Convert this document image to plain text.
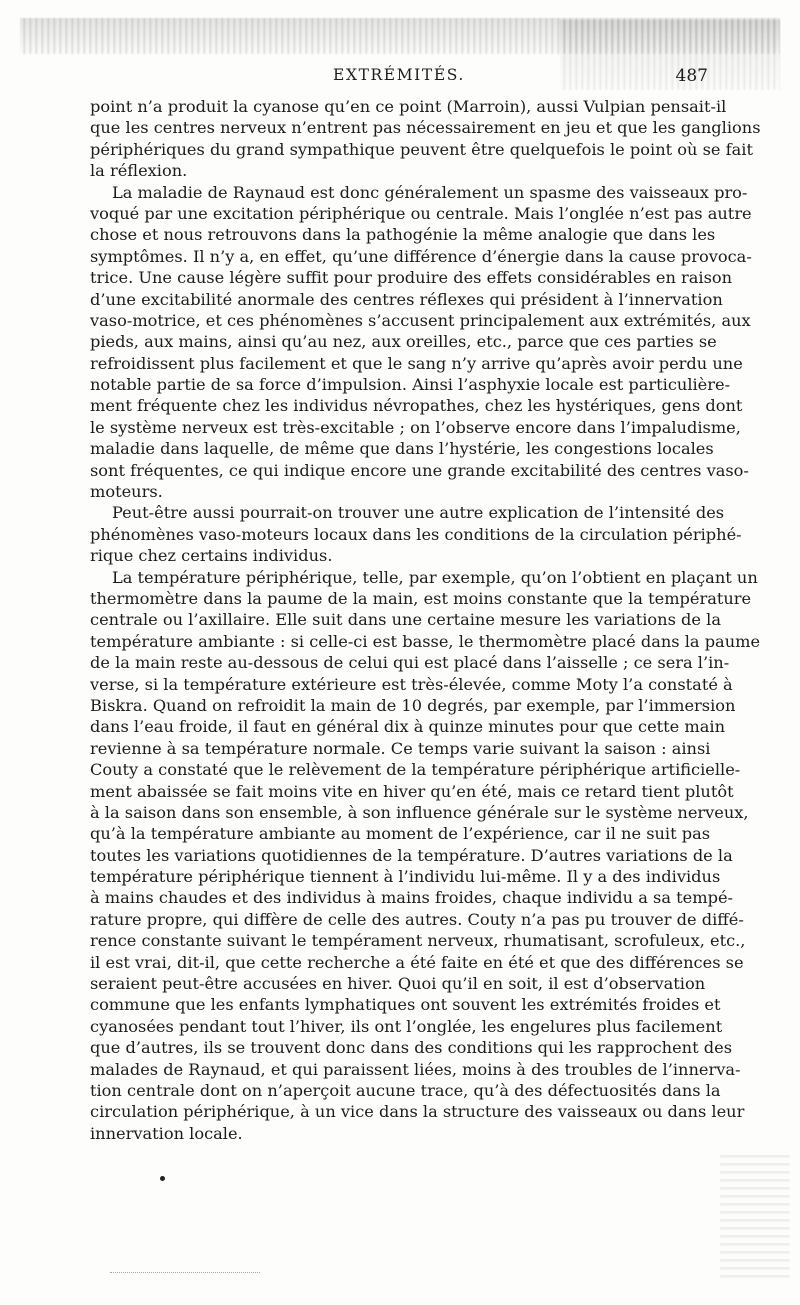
EXTRÉMITÉS.	487
point n’a produit la cyanose qu’en ce point (Marroin), aussi Vulpian pensait-il
que les centres nerveux n’entrent pas nécessairement en jeu et que les ganglions
périphériques du grand sympathique peuvent être quelquefois le point où se fait
la réflexion.
La maladie de Raynaud est donc généralement un spasme des vaisseaux pro-
voqué par une excitation périphérique ou centrale. Mais l’onglée n’est pas autre
chose et nous retrouvons dans la pathogénie la même analogie que dans les
symptômes. Il n’y a, en effet, qu’une différence d’énergie dans la cause provoca-
trice. Une cause légère suffit pour produire des effets considérables en raison
d’une excitabilité anormale des centres réflexes qui président à l’innervation
vaso-motrice, et ces phénomènes s’accusent principalement aux extrémités, aux
pieds, aux mains, ainsi qu’au nez, aux oreilles, etc., parce que ces parties se
refroidissent plus facilement et que le sang n’y arrive qu’après avoir perdu une
notable partie de sa force d’impulsion. Ainsi l’asphyxie locale est particulière-
ment fréquente chez les individus névropathes, chez les hystériques, gens dont
le système nerveux est très-excitable ; on l’observe encore dans l’impaludisme,
maladie dans laquelle, de même que dans l’hystérie, les congestions locales
sont fréquentes, ce qui indique encore une grande excitabilité des centres vaso-
moteurs.
Peut-être aussi pourrait-on trouver une autre explication de l’intensité des
phénomènes vaso-moteurs locaux dans les conditions de la circulation périphé-
rique chez certains individus.
La température périphérique, telle, par exemple, qu’on l’obtient en plaçant un
thermomètre dans la paume de la main, est moins constante que la température
centrale ou l’axillaire. Elle suit dans une certaine mesure les variations de la
température ambiante : si celle-ci est basse, le thermomètre placé dans la paume
de la main reste au-dessous de celui qui est placé dans l’aisselle ; ce sera l’in-
verse, si la température extérieure est très-élevée, comme Moty l’a constaté à
Biskra. Quand on refroidit la main de 10 degrés, par exemple, par l’immersion
dans l’eau froide, il faut en général dix à quinze minutes pour que cette main
revienne à sa température normale. Ce temps varie suivant la saison : ainsi
Couty a constaté que le relèvement de la température périphérique artificielle-
ment abaissée se fait moins vite en hiver qu’en été, mais ce retard tient plutôt
à la saison dans son ensemble, à son influence générale sur le système nerveux,
qu’à la température ambiante au moment de l’expérience, car il ne suit pas
toutes les variations quotidiennes de la température. D’autres variations de la
température périphérique tiennent à l’individu lui-même. Il y a des individus
à mains chaudes et des individus à mains froides, chaque individu a sa tempé-
rature propre, qui diffère de celle des autres. Couty n’a pas pu trouver de diffé-
rence constante suivant le tempérament nerveux, rhumatisant, scrofuleux, etc.,
il est vrai, dit-il, que cette recherche a été faite en été et que des différences se
seraient peut-être accusées en hiver. Quoi qu’il en soit, il est d’observation
commune que les enfants lymphatiques ont souvent les extrémités froides et
cyanosées pendant tout l’hiver, ils ont l’onglée, les engelures plus facilement
que d’autres, ils se trouvent donc dans des conditions qui les rapprochent des
malades de Raynaud, et qui paraissent liées, moins à des troubles de l’innerva-
tion centrale dont on n’aperçoit aucune trace, qu’à des défectuosités dans la
circulation périphérique, à un vice dans la structure des vaisseaux ou dans leur
innervation locale.
